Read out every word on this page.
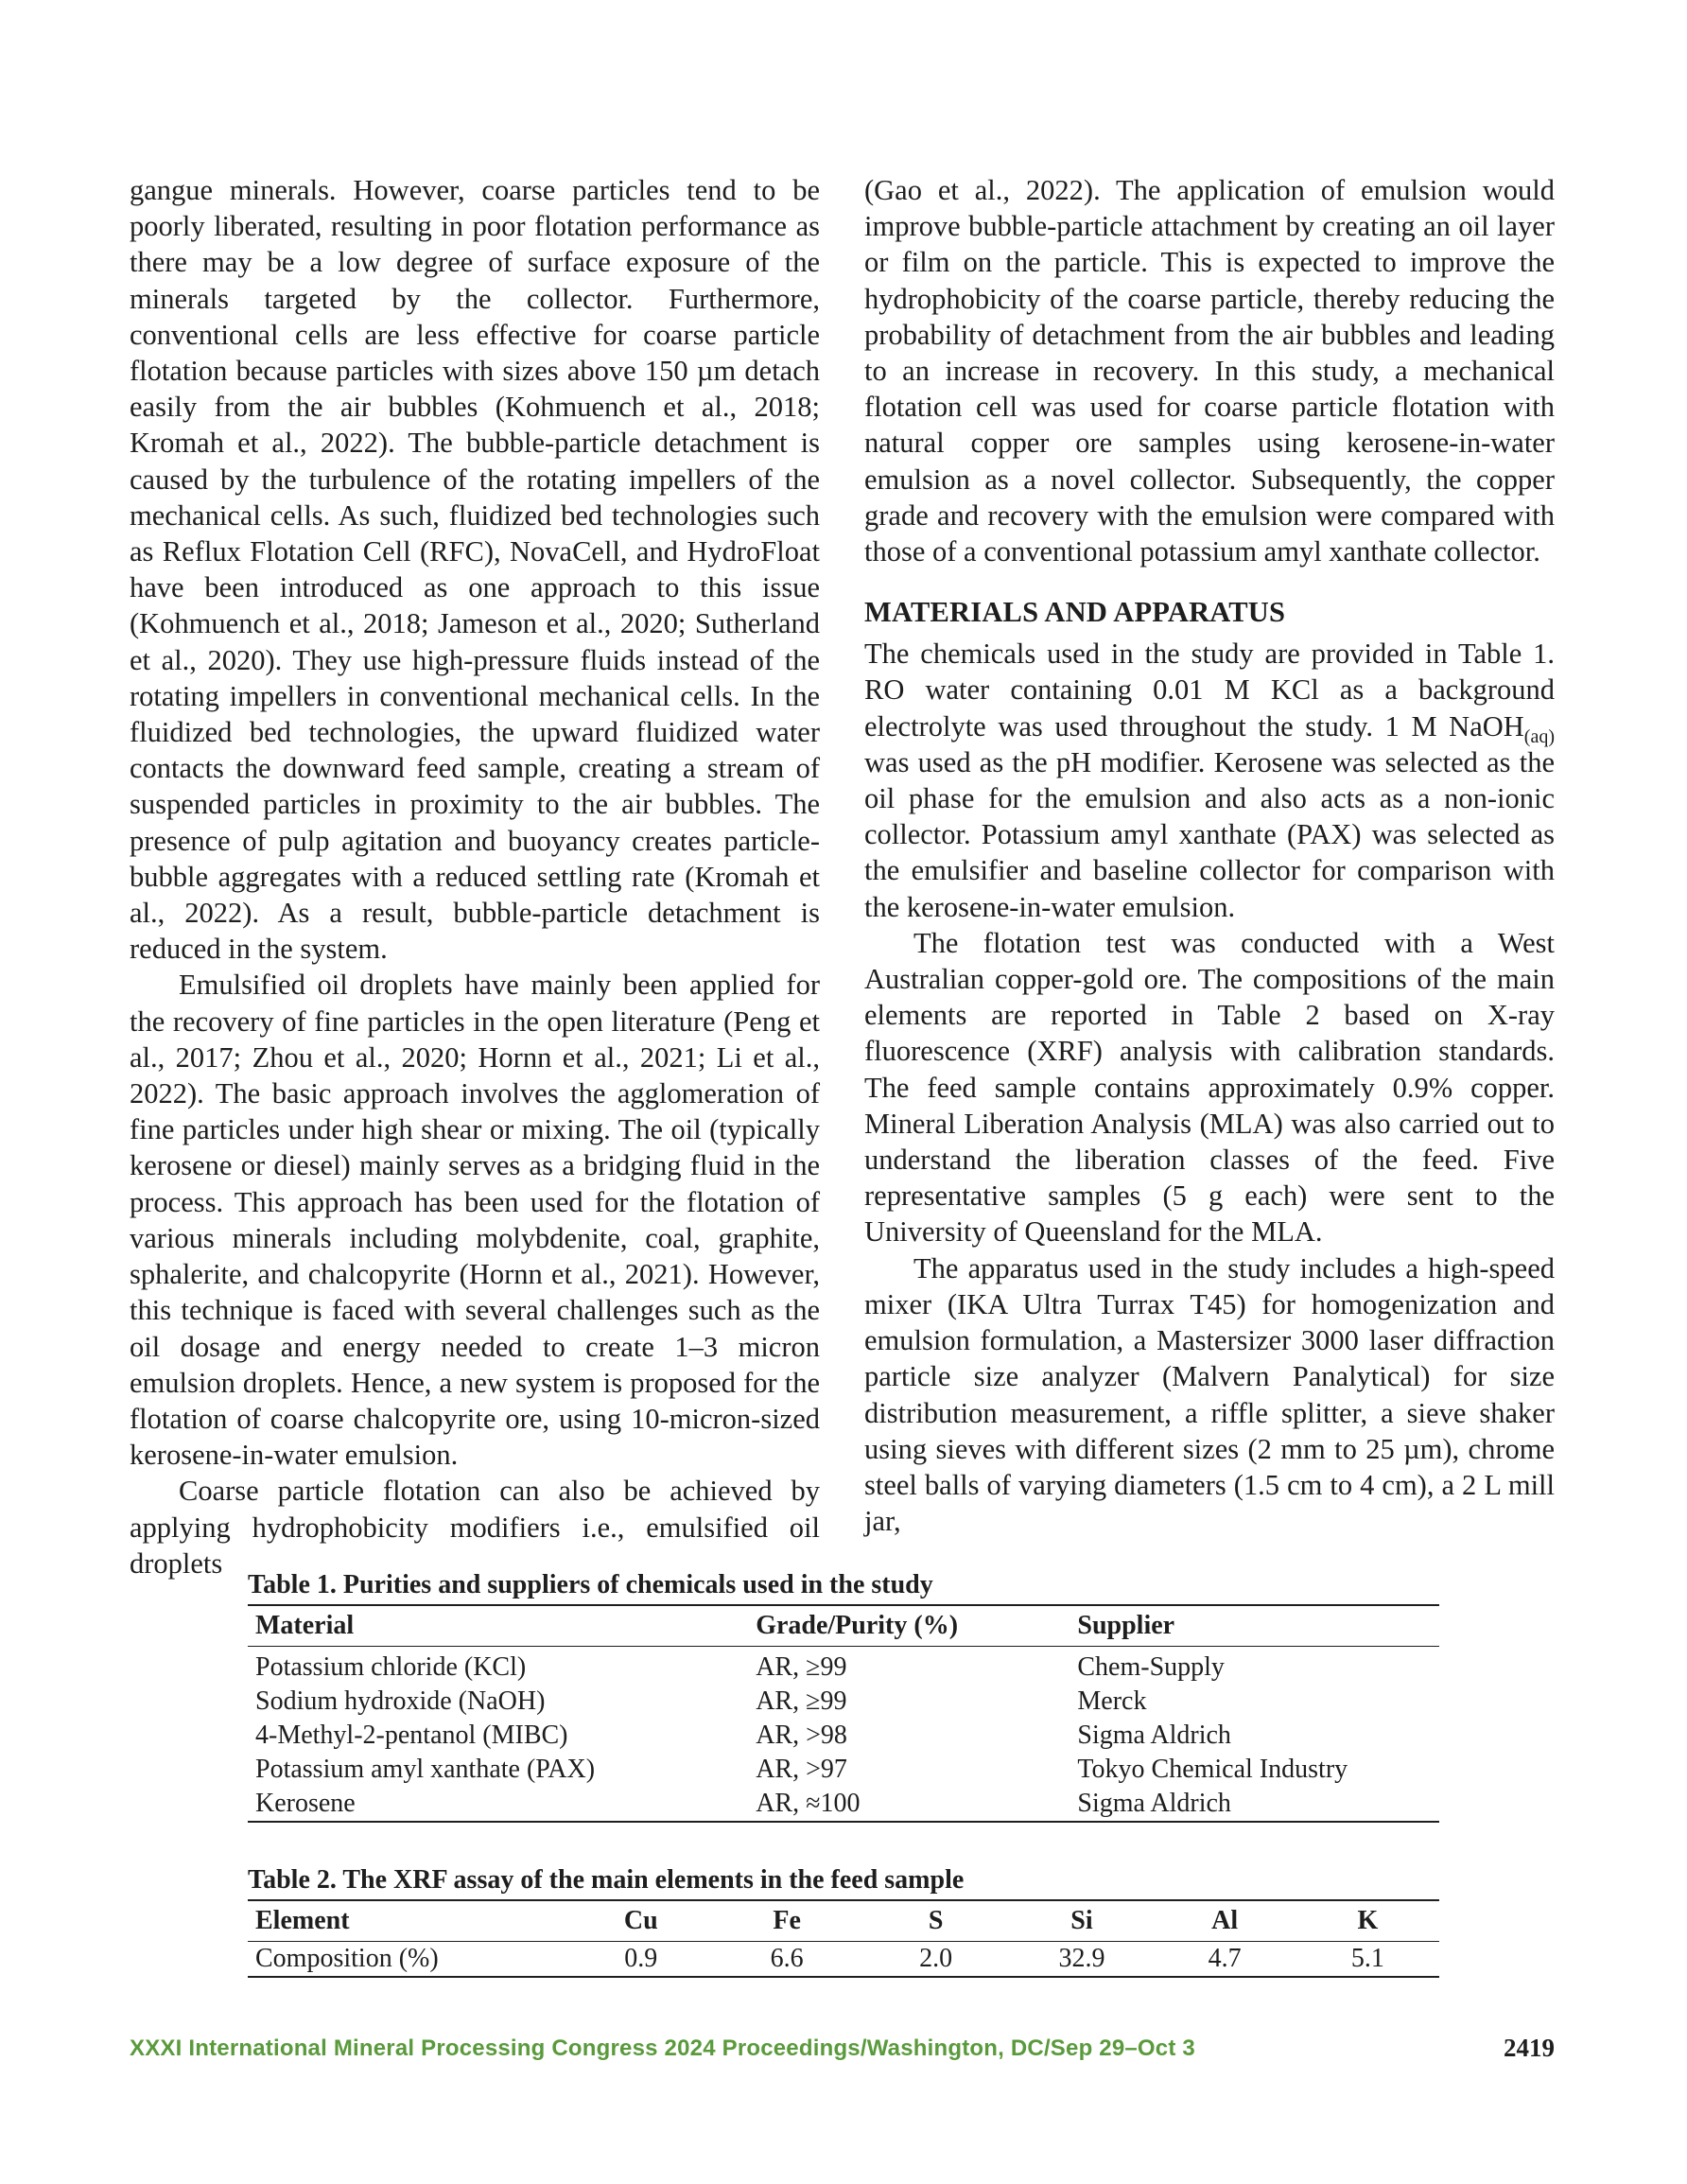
gangue minerals. However, coarse particles tend to be poorly liberated, resulting in poor flotation performance as there may be a low degree of surface exposure of the minerals targeted by the collector. Furthermore, conventional cells are less effective for coarse particle flotation because particles with sizes above 150 µm detach easily from the air bubbles (Kohmuench et al., 2018; Kromah et al., 2022). The bubble-particle detachment is caused by the turbulence of the rotating impellers of the mechanical cells. As such, fluidized bed technologies such as Reflux Flotation Cell (RFC), NovaCell, and HydroFloat have been introduced as one approach to this issue (Kohmuench et al., 2018; Jameson et al., 2020; Sutherland et al., 2020). They use high-pressure fluids instead of the rotating impellers in conventional mechanical cells. In the fluidized bed technologies, the upward fluidized water contacts the downward feed sample, creating a stream of suspended particles in proximity to the air bubbles. The presence of pulp agitation and buoyancy creates particle-bubble aggregates with a reduced settling rate (Kromah et al., 2022). As a result, bubble-particle detachment is reduced in the system.

Emulsified oil droplets have mainly been applied for the recovery of fine particles in the open literature (Peng et al., 2017; Zhou et al., 2020; Hornn et al., 2021; Li et al., 2022). The basic approach involves the agglomeration of fine particles under high shear or mixing. The oil (typically kerosene or diesel) mainly serves as a bridging fluid in the process. This approach has been used for the flotation of various minerals including molybdenite, coal, graphite, sphalerite, and chalcopyrite (Hornn et al., 2021). However, this technique is faced with several challenges such as the oil dosage and energy needed to create 1–3 micron emulsion droplets. Hence, a new system is proposed for the flotation of coarse chalcopyrite ore, using 10-micron-sized kerosene-in-water emulsion.

Coarse particle flotation can also be achieved by applying hydrophobicity modifiers i.e., emulsified oil droplets

(Gao et al., 2022). The application of emulsion would improve bubble-particle attachment by creating an oil layer or film on the particle. This is expected to improve the hydrophobicity of the coarse particle, thereby reducing the probability of detachment from the air bubbles and leading to an increase in recovery. In this study, a mechanical flotation cell was used for coarse particle flotation with natural copper ore samples using kerosene-in-water emulsion as a novel collector. Subsequently, the copper grade and recovery with the emulsion were compared with those of a conventional potassium amyl xanthate collector.

MATERIALS AND APPARATUS

The chemicals used in the study are provided in Table 1. RO water containing 0.01 M KCl as a background electrolyte was used throughout the study. 1 M NaOH$_{(aq)}$ was used as the pH modifier. Kerosene was selected as the oil phase for the emulsion and also acts as a non-ionic collector. Potassium amyl xanthate (PAX) was selected as the emulsifier and baseline collector for comparison with the kerosene-in-water emulsion.

The flotation test was conducted with a West Australian copper-gold ore. The compositions of the main elements are reported in Table 2 based on X-ray fluorescence (XRF) analysis with calibration standards. The feed sample contains approximately 0.9% copper. Mineral Liberation Analysis (MLA) was also carried out to understand the liberation classes of the feed. Five representative samples (5 g each) were sent to the University of Queensland for the MLA.

The apparatus used in the study includes a high-speed mixer (IKA Ultra Turrax T45) for homogenization and emulsion formulation, a Mastersizer 3000 laser diffraction particle size analyzer (Malvern Panalytical) for size distribution measurement, a riffle splitter, a sieve shaker using sieves with different sizes (2 mm to 25 µm), chrome steel balls of varying diameters (1.5 cm to 4 cm), a 2 L mill jar,

Table 1. Purities and suppliers of chemicals used in the study
Material	Grade/Purity (%)	Supplier
Potassium chloride (KCl)	AR, ≥99	Chem-Supply
Sodium hydroxide (NaOH)	AR, ≥99	Merck
4-Methyl-2-pentanol (MIBC)	AR, >98	Sigma Aldrich
Potassium amyl xanthate (PAX)	AR, >97	Tokyo Chemical Industry
Kerosene	AR, ≈100	Sigma Aldrich
Table 2. The XRF assay of the main elements in the feed sample
Element	Cu	Fe	S	Si	Al	K
Composition (%)	0.9	6.6	2.0	32.9	4.7	5.1
XXXI International Mineral Processing Congress 2024 Proceedings/Washington, DC/Sep 29–Oct 3	2419
